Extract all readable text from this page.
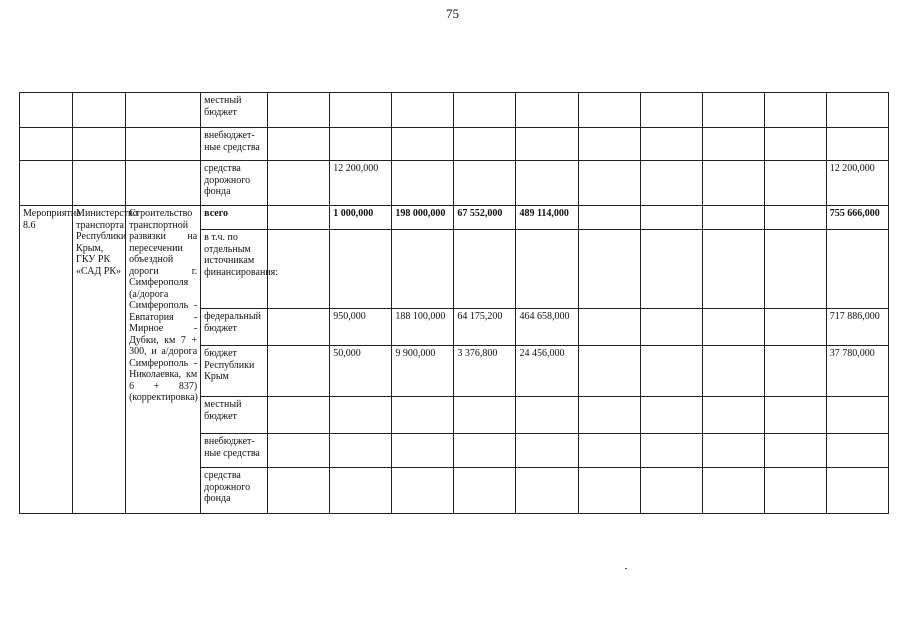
75
			местный бюджет										
			внебюджет-ные средства										
			средства дорожного фонда		12 200,000								12 200,000
Мероприятие 8.6	Министерство транспорта Республики Крым, ГКУ РК «САД РК»	Строительство транспортной развязки на пересечении объездной дороги г. Симферополя (а/дорога Симферополь - Евпатория - Мирное - Дубки, км 7 + 300, и а/дорога Симферополь - Николаевка, км 6 + 837) (корректировка)	всего		1 000,000	198 000,000	67 552,000	489 114,000					755 666,000
			в т.ч. по отдельным источникам финансирования:										
			федеральный бюджет		950,000	188 100,000	64 175,200	464 658,000					717 886,000
			бюджет Республики Крым		50,000	9 900,000	3 376,800	24 456,000					37 780,000
			местный бюджет										
			внебюджет-ные средства										
			средства дорожного фонда										
